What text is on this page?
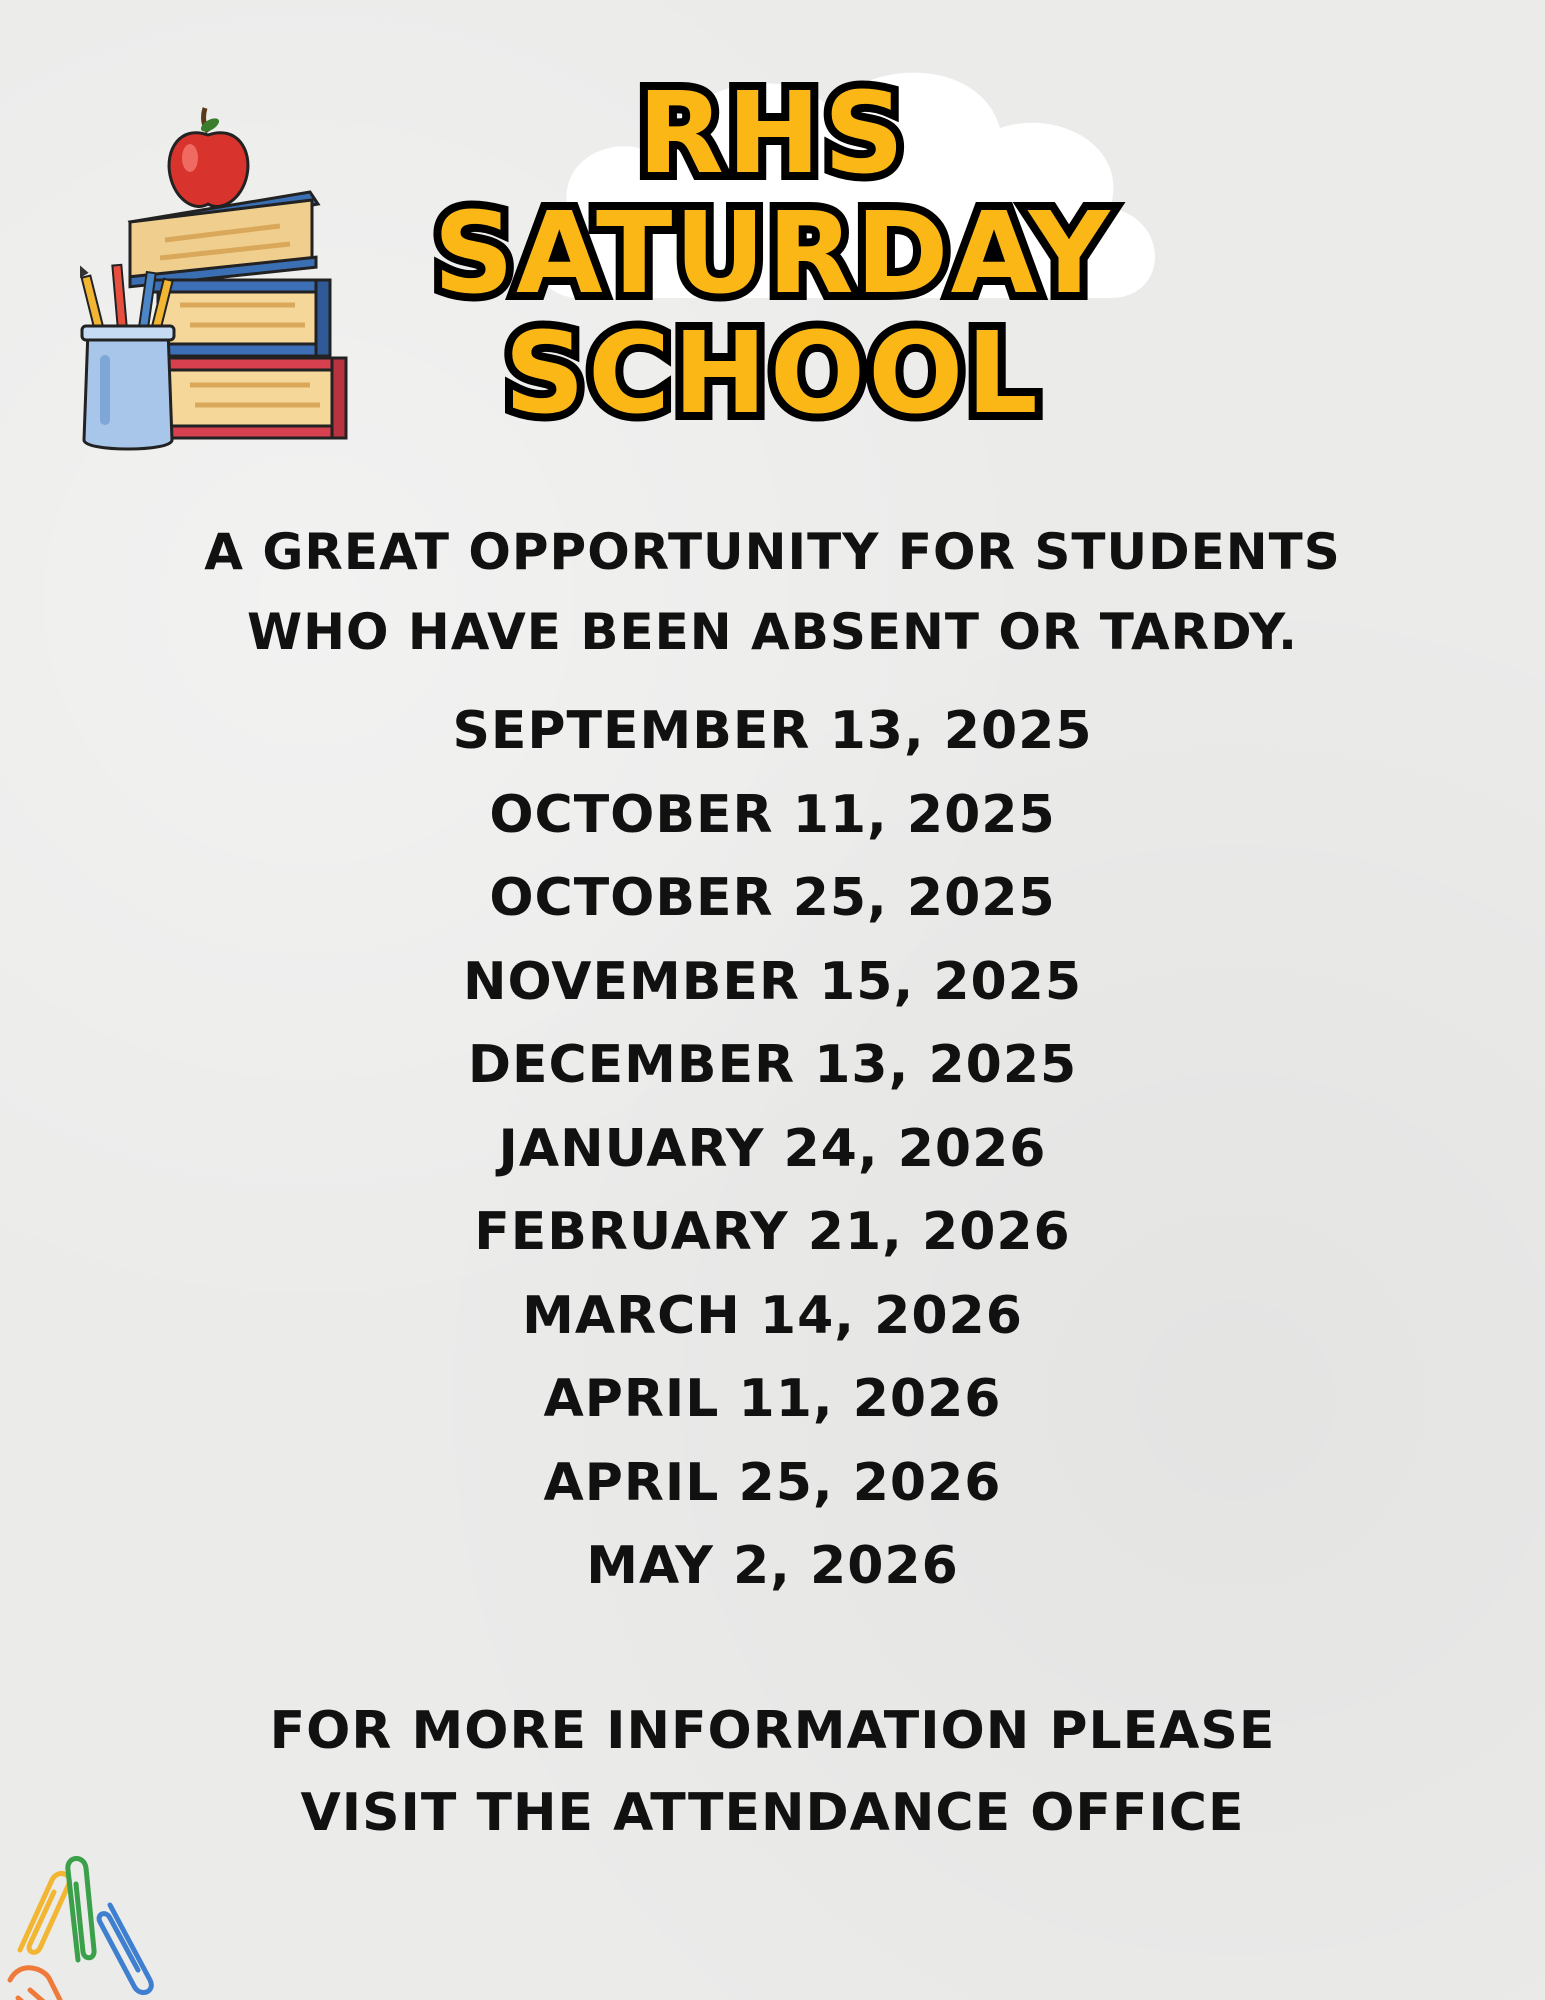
RHS
SATURDAY
SCHOOL
A GREAT OPPORTUNITY FOR STUDENTS
WHO HAVE BEEN ABSENT OR TARDY.
SEPTEMBER 13, 2025
OCTOBER 11, 2025
OCTOBER 25, 2025
NOVEMBER 15, 2025
DECEMBER 13, 2025
JANUARY 24, 2026
FEBRUARY 21, 2026
MARCH 14, 2026
APRIL 11, 2026
APRIL 25, 2026
MAY 2, 2026
FOR MORE INFORMATION PLEASE
VISIT THE ATTENDANCE OFFICE
